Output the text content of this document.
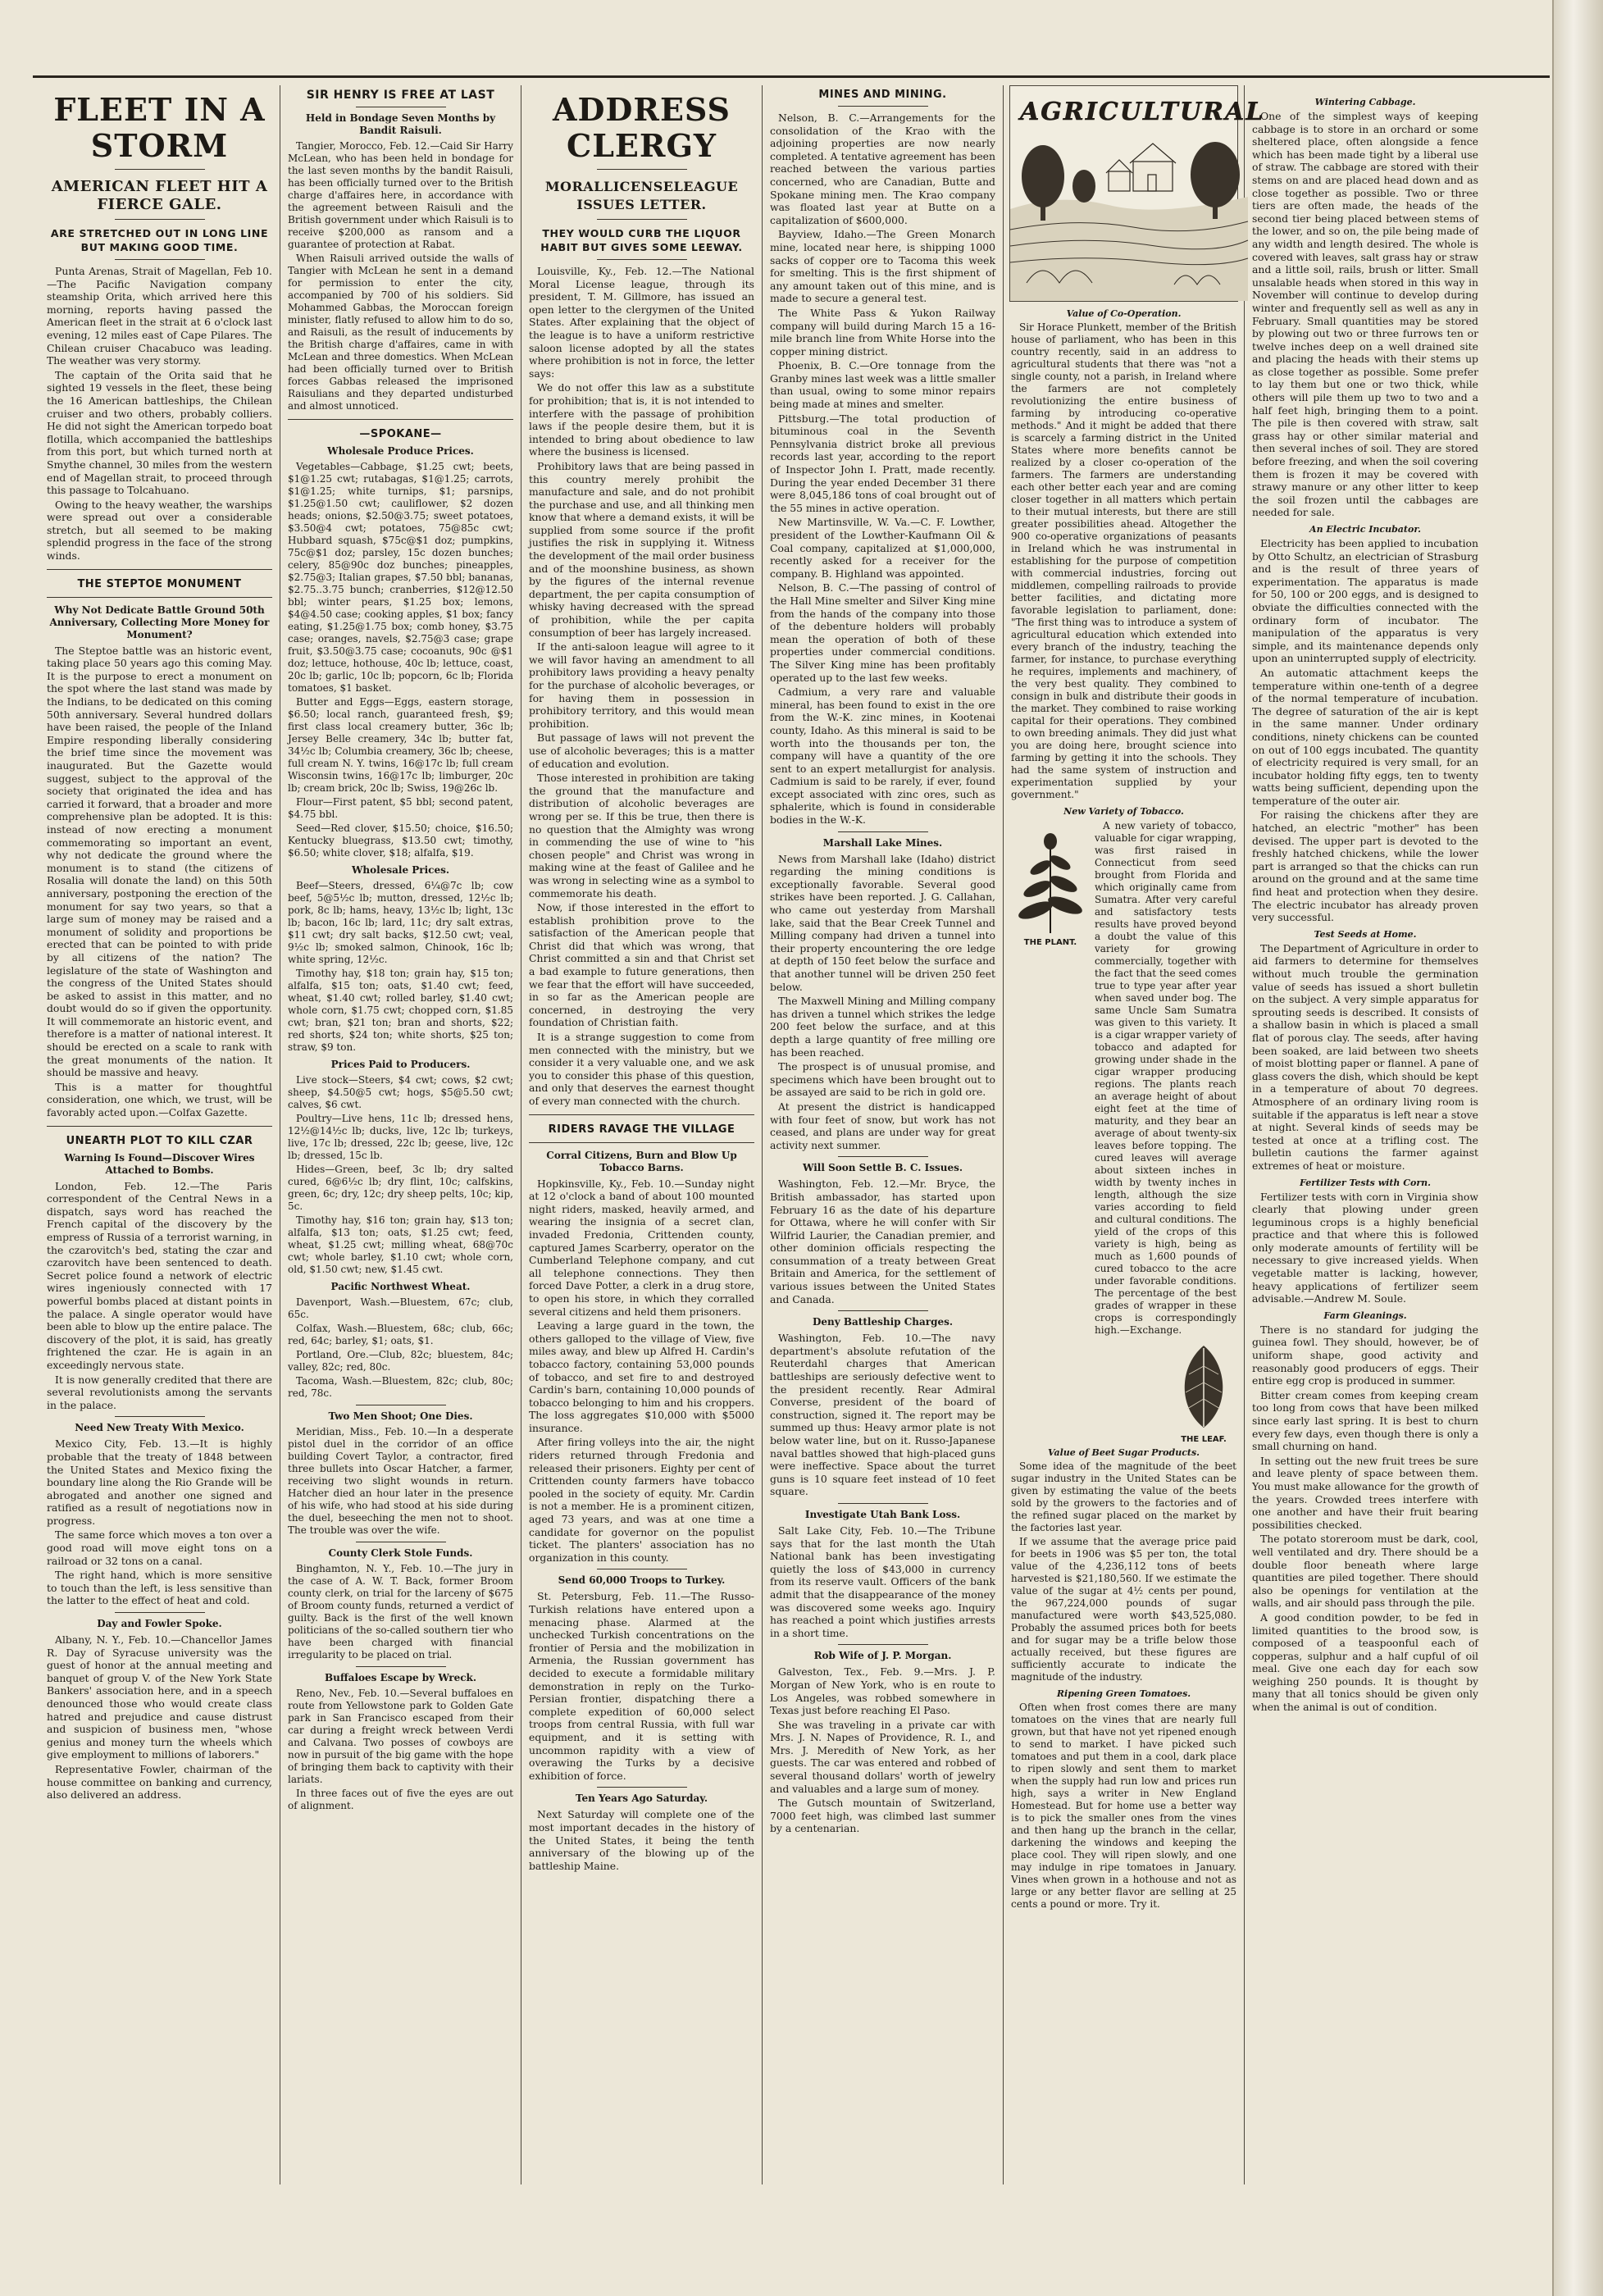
FLEET IN A STORM
AMERICAN FLEET HIT A FIERCE GALE.
ARE STRETCHED OUT IN LONG LINE BUT MAKING GOOD TIME.

Punta Arenas, Strait of Magellan, Feb 10.—The Pacific Navigation company steamship Orita, which arrived here this morning, reports having passed the American fleet in the strait at 6 o'clock last evening, 12 miles east of Cape Pilares. The Chilean cruiser Chacabuco was leading. The weather was very stormy.

The captain of the Orita said that he sighted 19 vessels in the fleet, these being the 16 American battleships, the Chilean cruiser and two others, probably colliers. He did not sight the American torpedo boat flotilla, which accompanied the battleships from this port, but which turned north at Smythe channel, 30 miles from the western end of Magellan strait, to proceed through this passage to Tolcahuano.

Owing to the heavy weather, the warships were spread out over a considerable stretch, but all seemed to be making splendid progress in the face of the strong winds.

THE STEPTOE MONUMENT
Why Not Dedicate Battle Ground 50th Anniversary, Collecting More Money for Monument?

The Steptoe battle was an historic event, taking place 50 years ago this coming May. It is the purpose to erect a monument on the spot where the last stand was made by the Indians, to be dedicated on this coming 50th anniversary. Several hundred dollars have been raised, the people of the Inland Empire responding liberally considering the brief time since the movement was inaugurated. But the Gazette would suggest, subject to the approval of the society that originated the idea and has carried it forward, that a broader and more comprehensive plan be adopted. It is this: instead of now erecting a monument commemorating so important an event, why not dedicate the ground where the monument is to stand (the citizens of Rosalia will donate the land) on this 50th anniversary, postponing the erection of the monument for say two years, so that a large sum of money may be raised and a monument of solidity and proportions be erected that can be pointed to with pride by all citizens of the nation? The legislature of the state of Washington and the congress of the United States should be asked to assist in this matter, and no doubt would do so if given the opportunity. It will commemorate an historic event, and therefore is a matter of national interest. It should be erected on a scale to rank with the great monuments of the nation. It should be massive and heavy.

This is a matter for thoughtful consideration, one which, we trust, will be favorably acted upon.—Colfax Gazette.

UNEARTH PLOT TO KILL CZAR
Warning Is Found—Discover Wires Attached to Bombs.

London, Feb. 12.—The Paris correspondent of the Central News in a dispatch, says word has reached the French capital of the discovery by the empress of Russia of a terrorist warning, in the czarovitch's bed, stating the czar and czarovitch have been sentenced to death. Secret police found a network of electric wires ingeniously connected with 17 powerful bombs placed at distant points in the palace. A single operator would have been able to blow up the entire palace. The discovery of the plot, it is said, has greatly frightened the czar. He is again in an exceedingly nervous state.

It is now generally credited that there are several revolutionists among the servants in the palace.

Need New Treaty With Mexico.

Mexico City, Feb. 13.—It is highly probable that the treaty of 1848 between the United States and Mexico fixing the boundary line along the Rio Grande will be abrogated and another one signed and ratified as a result of negotiations now in progress.

The same force which moves a ton over a good road will move eight tons on a railroad or 32 tons on a canal.

The right hand, which is more sensitive to touch than the left, is less sensitive than the latter to the effect of heat and cold.

Day and Fowler Spoke.

Albany, N. Y., Feb. 10.—Chancellor James R. Day of Syracuse university was the guest of honor at the annual meeting and banquet of group V. of the New York State Bankers' association here, and in a speech denounced those who would create class hatred and prejudice and cause distrust and suspicion of business men, "whose genius and money turn the wheels which give employment to millions of laborers."

Representative Fowler, chairman of the house committee on banking and currency, also delivered an address.

SIR HENRY IS FREE AT LAST
Held in Bondage Seven Months by Bandit Raisuli.

Tangier, Morocco, Feb. 12.—Caid Sir Harry McLean, who has been held in bondage for the last seven months by the bandit Raisuli, has been officially turned over to the British charge d'affaires here, in accordance with the agreement between Raisuli and the British government under which Raisuli is to receive $200,000 as ransom and a guarantee of protection at Rabat.

When Raisuli arrived outside the walls of Tangier with McLean he sent in a demand for permission to enter the city, accompanied by 700 of his soldiers. Sid Mohammed Gabbas, the Moroccan foreign minister, flatly refused to allow him to do so, and Raisuli, as the result of inducements by the British charge d'affaires, came in with McLean and three domestics. When McLean had been officially turned over to British forces Gabbas released the imprisoned Raisulians and they departed undisturbed and almost unnoticed.

—SPOKANE—
Wholesale Produce Prices.

Vegetables—Cabbage, $1.25 cwt; beets, $1@1.25 cwt; rutabagas, $1@1.25; carrots, $1@1.25; white turnips, $1; parsnips, $1.25@1.50 cwt; cauliflower, $2 dozen heads; onions, $2.50@3.75; sweet potatoes, $3.50@4 cwt; potatoes, 75@85c cwt; Hubbard squash, $75c@$1 doz; pumpkins, 75c@$1 doz; parsley, 15c dozen bunches; celery, 85@90c doz bunches; pineapples, $2.75@3; Italian grapes, $7.50 bbl; bananas, $2.75..3.75 bunch; cranberries, $12@12.50 bbl; winter pears, $1.25 box; lemons, $4@4.50 case; cooking apples, $1 box; fancy eating, $1.25@1.75 box; comb honey, $3.75 case; oranges, navels, $2.75@3 case; grape fruit, $3.50@3.75 case; cocoanuts, 90c @$1 doz; lettuce, hothouse, 40c lb; lettuce, coast, 20c lb; garlic, 10c lb; popcorn, 6c lb; Florida tomatoes, $1 basket.

Butter and Eggs—Eggs, eastern storage, $6.50; local ranch, guaranteed fresh, $9; first class local creamery butter, 36c lb; Jersey Belle creamery, 34c lb; butter fat, 34½c lb; Columbia creamery, 36c lb; cheese, full cream N. Y. twins, 16@17c lb; full cream Wisconsin twins, 16@17c lb; limburger, 20c lb; cream brick, 20c lb; Swiss, 19@26c lb.

Flour—First patent, $5 bbl; second patent, $4.75 bbl.

Seed—Red clover, $15.50; choice, $16.50; Kentucky bluegrass, $13.50 cwt; timothy, $6.50; white clover, $18; alfalfa, $19.

Wholesale Prices.

Beef—Steers, dressed, 6¼@7c lb; cow beef, 5@5½c lb; mutton, dressed, 12½c lb; pork, 8c lb; hams, heavy, 13½c lb; light, 13c lb; bacon, 16c lb; lard, 11c; dry salt extras, $11 cwt; dry salt backs, $12.50 cwt; veal, 9½c lb; smoked salmon, Chinook, 16c lb; white spring, 12½c.

Timothy hay, $18 ton; grain hay, $15 ton; alfalfa, $15 ton; oats, $1.40 cwt; feed, wheat, $1.40 cwt; rolled barley, $1.40 cwt; whole corn, $1.75 cwt; chopped corn, $1.85 cwt; bran, $21 ton; bran and shorts, $22; red shorts, $24 ton; white shorts, $25 ton; straw, $9 ton.

Prices Paid to Producers.

Live stock—Steers, $4 cwt; cows, $2 cwt; sheep, $4.50@5 cwt; hogs, $5@5.50 cwt; calves, $6 cwt.

Poultry—Live hens, 11c lb; dressed hens, 12½@14½c lb; ducks, live, 12c lb; turkeys, live, 17c lb; dressed, 22c lb; geese, live, 12c lb; dressed, 15c lb.

Hides—Green, beef, 3c lb; dry salted cured, 6@6½c lb; dry flint, 10c; calfskins, green, 6c; dry, 12c; dry sheep pelts, 10c; kip, 5c.

Timothy hay, $16 ton; grain hay, $13 ton; alfalfa, $13 ton; oats, $1.25 cwt; feed, wheat, $1.25 cwt; milling wheat, 68@70c cwt; whole barley, $1.10 cwt; whole corn, old, $1.50 cwt; new, $1.45 cwt.

Pacific Northwest Wheat.

Davenport, Wash.—Bluestem, 67c; club, 65c.

Colfax, Wash.—Bluestem, 68c; club, 66c; red, 64c; barley, $1; oats, $1.

Portland, Ore.—Club, 82c; bluestem, 84c; valley, 82c; red, 80c.

Tacoma, Wash.—Bluestem, 82c; club, 80c; red, 78c.

Two Men Shoot; One Dies.

Meridian, Miss., Feb. 10.—In a desperate pistol duel in the corridor of an office building Covert Taylor, a contractor, fired three bullets into Oscar Hatcher, a farmer, receiving two slight wounds in return. Hatcher died an hour later in the presence of his wife, who had stood at his side during the duel, beseeching the men not to shoot. The trouble was over the wife.

County Clerk Stole Funds.

Binghamton, N. Y., Feb. 10.—The jury in the case of A. W. T. Back, former Broom county clerk, on trial for the larceny of $675 of Broom county funds, returned a verdict of guilty. Back is the first of the well known politicians of the so-called southern tier who have been charged with financial irregularity to be placed on trial.

Buffaloes Escape by Wreck.

Reno, Nev., Feb. 10.—Several buffaloes en route from Yellowstone park to Golden Gate park in San Francisco escaped from their car during a freight wreck between Verdi and Calvana. Two posses of cowboys are now in pursuit of the big game with the hope of bringing them back to captivity with their lariats.

In three faces out of five the eyes are out of alignment.

ADDRESS CLERGY
MORALLICENSELEAGUE ISSUES LETTER.
THEY WOULD CURB THE LIQUOR HABIT BUT GIVES SOME LEEWAY.

Louisville, Ky., Feb. 12.—The National Moral License league, through its president, T. M. Gillmore, has issued an open letter to the clergymen of the United States. After explaining that the object of the league is to have a uniform restrictive saloon license adopted by all the states where prohibition is not in force, the letter says:

We do not offer this law as a substitute for prohibition; that is, it is not intended to interfere with the passage of prohibition laws if the people desire them, but it is intended to bring about obedience to law where the business is licensed.

Prohibitory laws that are being passed in this country merely prohibit the manufacture and sale, and do not prohibit the purchase and use, and all thinking men know that where a demand exists, it will be supplied from some source if the profit justifies the risk in supplying it. Witness the development of the mail order business and of the moonshine business, as shown by the figures of the internal revenue department, the per capita consumption of whisky having decreased with the spread of prohibition, while the per capita consumption of beer has largely increased.

If the anti-saloon league will agree to it we will favor having an amendment to all prohibitory laws providing a heavy penalty for the purchase of alcoholic beverages, or for having them in possession in prohibitory territory, and this would mean prohibition.

But passage of laws will not prevent the use of alcoholic beverages; this is a matter of education and evolution.

Those interested in prohibition are taking the ground that the manufacture and distribution of alcoholic beverages are wrong per se. If this be true, then there is no question that the Almighty was wrong in commending the use of wine to "his chosen people" and Christ was wrong in making wine at the feast of Galilee and he was wrong in selecting wine as a symbol to commemorate his death.

Now, if those interested in the effort to establish prohibition prove to the satisfaction of the American people that Christ did that which was wrong, that Christ committed a sin and that Christ set a bad example to future generations, then we fear that the effort will have succeeded, in so far as the American people are concerned, in destroying the very foundation of Christian faith.

It is a strange suggestion to come from men connected with the ministry, but we consider it a very valuable one, and we ask you to consider this phase of this question, and only that deserves the earnest thought of every man connected with the church.

RIDERS RAVAGE THE VILLAGE
Corral Citizens, Burn and Blow Up Tobacco Barns.

Hopkinsville, Ky., Feb. 10.—Sunday night at 12 o'clock a band of about 100 mounted night riders, masked, heavily armed, and wearing the insignia of a secret clan, invaded Fredonia, Crittenden county, captured James Scarberry, operator on the Cumberland Telephone company, and cut all telephone connections. They then forced Dave Potter, a clerk in a drug store, to open his store, in which they corralled several citizens and held them prisoners.

Leaving a large guard in the town, the others galloped to the village of View, five miles away, and blew up Alfred H. Cardin's tobacco factory, containing 53,000 pounds of tobacco, and set fire to and destroyed Cardin's barn, containing 10,000 pounds of tobacco belonging to him and his croppers. The loss aggregates $10,000 with $5000 insurance.

After firing volleys into the air, the night riders returned through Fredonia and released their prisoners. Eighty per cent of Crittenden county farmers have tobacco pooled in the society of equity. Mr. Cardin is not a member. He is a prominent citizen, aged 73 years, and was at one time a candidate for governor on the populist ticket. The planters' association has no organization in this county.

Send 60,000 Troops to Turkey.

St. Petersburg, Feb. 11.—The Russo-Turkish relations have entered upon a menacing phase. Alarmed at the unchecked Turkish concentrations on the frontier of Persia and the mobilization in Armenia, the Russian government has decided to execute a formidable military demonstration in reply on the Turko-Persian frontier, dispatching there a complete expedition of 60,000 select troops from central Russia, with full war equipment, and it is setting with uncommon rapidity with a view of overawing the Turks by a decisive exhibition of force.

Ten Years Ago Saturday.

Next Saturday will complete one of the most important decades in the history of the United States, it being the tenth anniversary of the blowing up of the battleship Maine.

MINES AND MINING.

Nelson, B. C.—Arrangements for the consolidation of the Krao with the adjoining properties are now nearly completed. A tentative agreement has been reached between the various parties concerned, who are Canadian, Butte and Spokane mining men. The Krao company was floated last year at Butte on a capitalization of $600,000.

Bayview, Idaho.—The Green Monarch mine, located near here, is shipping 1000 sacks of copper ore to Tacoma this week for smelting. This is the first shipment of any amount taken out of this mine, and is made to secure a general test.

The White Pass & Yukon Railway company will build during March 15 a 16-mile branch line from White Horse into the copper mining district.

Phoenix, B. C.—Ore tonnage from the Granby mines last week was a little smaller than usual, owing to some minor repairs being made at mines and smelter.

Pittsburg.—The total production of bituminous coal in the Seventh Pennsylvania district broke all previous records last year, according to the report of Inspector John I. Pratt, made recently. During the year ended December 31 there were 8,045,186 tons of coal brought out of the 55 mines in active operation.

New Martinsville, W. Va.—C. F. Lowther, president of the Lowther-Kaufmann Oil & Coal company, capitalized at $1,000,000, recently asked for a receiver for the company. B. Highland was appointed.

Nelson, B. C.—The passing of control of the Hall Mine smelter and Silver King mine from the hands of the company into those of the debenture holders will probably mean the operation of both of these properties under commercial conditions. The Silver King mine has been profitably operated up to the last few weeks.

Cadmium, a very rare and valuable mineral, has been found to exist in the ore from the W.-K. zinc mines, in Kootenai county, Idaho. As this mineral is said to be worth into the thousands per ton, the company will have a quantity of the ore sent to an expert metallurgist for analysis. Cadmium is said to be rarely, if ever, found except associated with zinc ores, such as sphalerite, which is found in considerable bodies in the W.-K.

Marshall Lake Mines.

News from Marshall lake (Idaho) district regarding the mining conditions is exceptionally favorable. Several good strikes have been reported. J. G. Callahan, who came out yesterday from Marshall lake, said that the Bear Creek Tunnel and Milling company had driven a tunnel into their property encountering the ore ledge at depth of 150 feet below the surface and that another tunnel will be driven 250 feet below.

The Maxwell Mining and Milling company has driven a tunnel which strikes the ledge 200 feet below the surface, and at this depth a large quantity of free milling ore has been reached.

The prospect is of unusual promise, and specimens which have been brought out to be assayed are said to be rich in gold ore.

At present the district is handicapped with four feet of snow, but work has not ceased, and plans are under way for great activity next summer.

Will Soon Settle B. C. Issues.

Washington, Feb. 12.—Mr. Bryce, the British ambassador, has started upon February 16 as the date of his departure for Ottawa, where he will confer with Sir Wilfrid Laurier, the Canadian premier, and other dominion officials respecting the consummation of a treaty between Great Britain and America, for the settlement of various issues between the United States and Canada.

Deny Battleship Charges.

Washington, Feb. 10.—The navy department's absolute refutation of the Reuterdahl charges that American battleships are seriously defective went to the president recently. Rear Admiral Converse, president of the board of construction, signed it. The report may be summed up thus: Heavy armor plate is not below water line, but on it. Russo-Japanese naval battles showed that high-placed guns were ineffective. Space about the turret guns is 10 square feet instead of 10 feet square.

Investigate Utah Bank Loss.

Salt Lake City, Feb. 10.—The Tribune says that for the last month the Utah National bank has been investigating quietly the loss of $43,000 in currency from its reserve vault. Officers of the bank admit that the disappearance of the money was discovered some weeks ago. Inquiry has reached a point which justifies arrests in a short time.

Rob Wife of J. P. Morgan.

Galveston, Tex., Feb. 9.—Mrs. J. P. Morgan of New York, who is en route to Los Angeles, was robbed somewhere in Texas just before reaching El Paso.

She was traveling in a private car with Mrs. J. N. Napes of Providence, R. I., and Mrs. J. Meredith of New York, as her guests. The car was entered and robbed of several thousand dollars' worth of jewelry and valuables and a large sum of money.

The Gutsch mountain of Switzerland, 7000 feet high, was climbed last summer by a centenarian.

AGRICULTURAL
Value of Co-Operation.

Sir Horace Plunkett, member of the British house of parliament, who has been in this country recently, said in an address to agricultural students that there was "not a single county, not a parish, in Ireland where the farmers are not completely revolutionizing the entire business of farming by introducing co-operative methods." And it might be added that there is scarcely a farming district in the United States where more benefits cannot be realized by a closer co-operation of the farmers. The farmers are understanding each other better each year and are coming closer together in all matters which pertain to their mutual interests, but there are still greater possibilities ahead. Altogether the 900 co-operative organizations of peasants in Ireland which he was instrumental in establishing for the purpose of competition with commercial industries, forcing out middlemen, compelling railroads to provide better facilities, and dictating more favorable legislation to parliament, done: "The first thing was to introduce a system of agricultural education which extended into every branch of the industry, teaching the farmer, for instance, to purchase everything he requires, implements and machinery, of the very best quality. They combined to consign in bulk and distribute their goods in the market. They combined to raise working capital for their operations. They combined to own breeding animals. They did just what you are doing here, brought science into farming by getting it into the schools. They had the same system of instruction and experimentation supplied by your government."

New Variety of Tobacco.
THE PLANT.

A new variety of tobacco, valuable for cigar wrapping, was first raised in Connecticut from seed brought from Florida and which originally came from Sumatra. After very careful and satisfactory tests results have proved beyond a doubt the value of this variety for growing commercially, together with the fact that the seed comes true to type year after year when saved under bog. The same Uncle Sam Sumatra was given to this variety. It is a cigar wrapper variety of tobacco and adapted for growing under shade in the cigar wrapper producing regions. The plants reach an average height of about eight feet at the time of maturity, and they bear an average of about twenty-six leaves before topping. The cured leaves will average about sixteen inches in width by twenty inches in length, although the size varies according to field and cultural conditions. The yield of the crops of this variety is high, being as much as 1,600 pounds of cured tobacco to the acre under favorable conditions. The percentage of the best grades of wrapper in these crops is correspondingly high.—Exchange.

THE LEAF.
Value of Beet Sugar Products.

Some idea of the magnitude of the beet sugar industry in the United States can be given by estimating the value of the beets sold by the growers to the factories and of the refined sugar placed on the market by the factories last year.

If we assume that the average price paid for beets in 1906 was $5 per ton, the total value of the 4,236,112 tons of beets harvested is $21,180,560. If we estimate the value of the sugar at 4½ cents per pound, the 967,224,000 pounds of sugar manufactured were worth $43,525,080. Probably the assumed prices both for beets and for sugar may be a trifle below those actually received, but these figures are sufficiently accurate to indicate the magnitude of the industry.

Ripening Green Tomatoes.

Often when frost comes there are many tomatoes on the vines that are nearly full grown, but that have not yet ripened enough to send to market. I have picked such tomatoes and put them in a cool, dark place to ripen slowly and sent them to market when the supply had run low and prices run high, says a writer in New England Homestead. But for home use a better way is to pick the smaller ones from the vines and then hang up the branch in the cellar, darkening the windows and keeping the place cool. They will ripen slowly, and one may indulge in ripe tomatoes in January. Vines when grown in a hothouse and not as large or any better flavor are selling at 25 cents a pound or more. Try it.

Wintering Cabbage.

One of the simplest ways of keeping cabbage is to store in an orchard or some sheltered place, often alongside a fence which has been made tight by a liberal use of straw. The cabbage are stored with their stems on and are placed head down and as close together as possible. Two or three tiers are often made, the heads of the second tier being placed between stems of the lower, and so on, the pile being made of any width and length desired. The whole is covered with leaves, salt grass hay or straw and a little soil, rails, brush or litter. Small unsalable heads when stored in this way in November will continue to develop during winter and frequently sell as well as any in February. Small quantities may be stored by plowing out two or three furrows ten or twelve inches deep on a well drained site and placing the heads with their stems up as close together as possible. Some prefer to lay them but one or two thick, while others will pile them up two to two and a half feet high, bringing them to a point. The pile is then covered with straw, salt grass hay or other similar material and then several inches of soil. They are stored before freezing, and when the soil covering them is frozen it may be covered with strawy manure or any other litter to keep the soil frozen until the cabbages are needed for sale.

An Electric Incubator.

Electricity has been applied to incubation by Otto Schultz, an electrician of Strasburg and is the result of three years of experimentation. The apparatus is made for 50, 100 or 200 eggs, and is designed to obviate the difficulties connected with the ordinary form of incubator. The manipulation of the apparatus is very simple, and its maintenance depends only upon an uninterrupted supply of electricity.

An automatic attachment keeps the temperature within one-tenth of a degree of the normal temperature of incubation. The degree of saturation of the air is kept in the same manner. Under ordinary conditions, ninety chickens can be counted on out of 100 eggs incubated. The quantity of electricity required is very small, for an incubator holding fifty eggs, ten to twenty watts being sufficient, depending upon the temperature of the outer air.

For raising the chickens after they are hatched, an electric "mother" has been devised. The upper part is devoted to the freshly hatched chickens, while the lower part is arranged so that the chicks can run around on the ground and at the same time find heat and protection when they desire. The electric incubator has already proven very successful.

Test Seeds at Home.

The Department of Agriculture in order to aid farmers to determine for themselves without much trouble the germination value of seeds has issued a short bulletin on the subject. A very simple apparatus for sprouting seeds is described. It consists of a shallow basin in which is placed a small flat of porous clay. The seeds, after having been soaked, are laid between two sheets of moist blotting paper or flannel. A pane of glass covers the dish, which should be kept in a temperature of about 70 degrees. Atmosphere of an ordinary living room is suitable if the apparatus is left near a stove at night. Several kinds of seeds may be tested at once at a trifling cost. The bulletin cautions the farmer against extremes of heat or moisture.

Fertilizer Tests with Corn.

Fertilizer tests with corn in Virginia show clearly that plowing under green leguminous crops is a highly beneficial practice and that where this is followed only moderate amounts of fertility will be necessary to give increased yields. When vegetable matter is lacking, however, heavy applications of fertilizer seem advisable.—Andrew M. Soule.

Farm Gleanings.

There is no standard for judging the guinea fowl. They should, however, be of uniform shape, good activity and reasonably good producers of eggs. Their entire egg crop is produced in summer.

Bitter cream comes from keeping cream too long from cows that have been milked since early last spring. It is best to churn every few days, even though there is only a small churning on hand.

In setting out the new fruit trees be sure and leave plenty of space between them. You must make allowance for the growth of the years. Crowded trees interfere with one another and have their fruit bearing possibilities checked.

The potato storeroom must be dark, cool, well ventilated and dry. There should be a double floor beneath where large quantities are piled together. There should also be openings for ventilation at the walls, and air should pass through the pile.

A good condition powder, to be fed in limited quantities to the brood sow, is composed of a teaspoonful each of copperas, sulphur and a half cupful of oil meal. Give one each day for each sow weighing 250 pounds. It is thought by many that all tonics should be given only when the animal is out of condition.
